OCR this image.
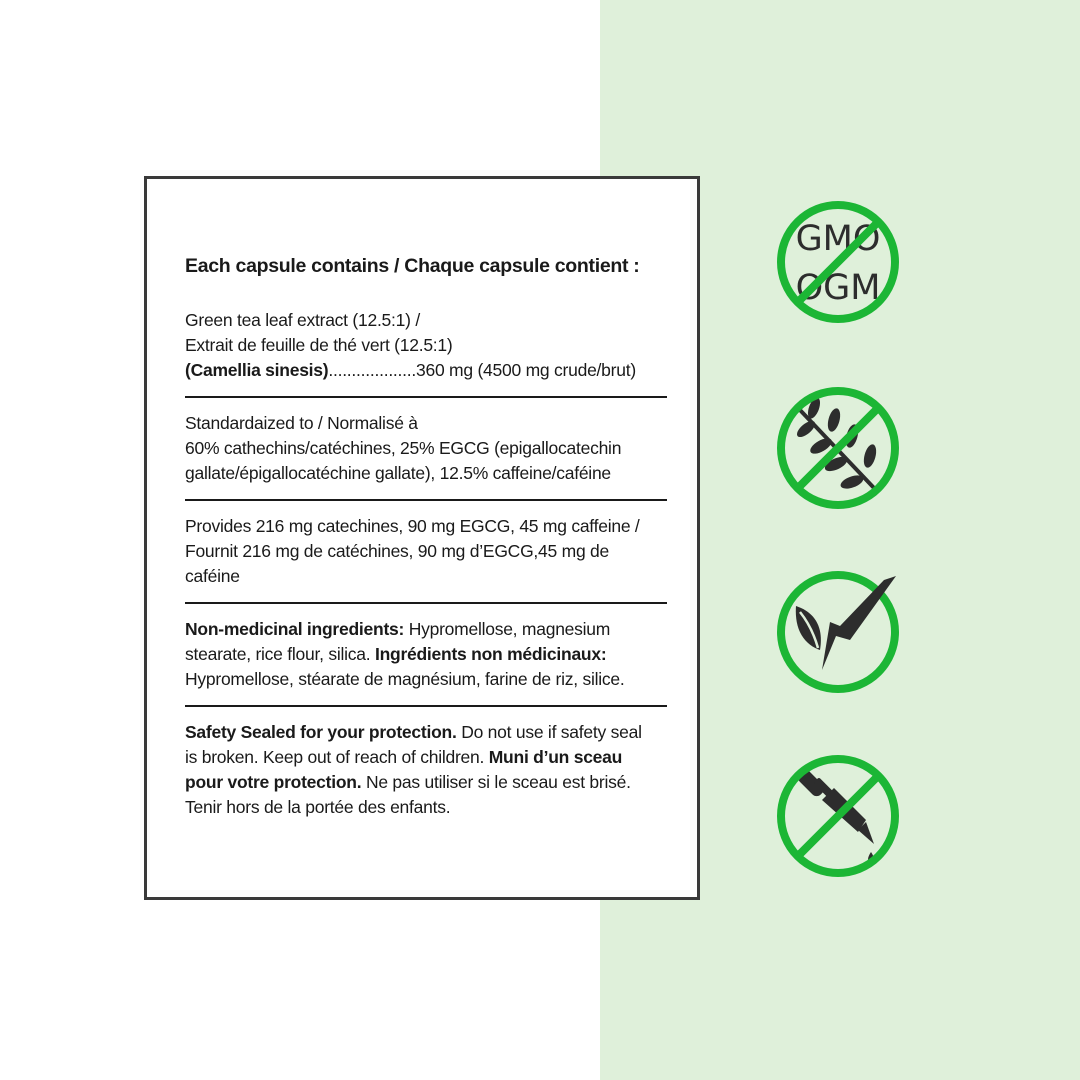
Each capsule contains / Chaque capsule contient :

Green tea leaf extract (12.5:1) /

Extrait de feuille de thé vert (12.5:1)

(Camellia sinesis)...................360 mg (4500 mg crude/brut)

Standardaized to / Normalisé à

60% cathechins/catéchines, 25% EGCG (epigallocatechin

gallate/épigallocatéchine gallate), 12.5% caffeine/caféine

Provides 216 mg catechines, 90 mg EGCG, 45 mg caffeine /

Fournit 216 mg de catéchines, 90 mg d’EGCG,45 mg de

caféine

Non-medicinal ingredients: Hypromellose, magnesium

stearate, rice flour, silica. Ingrédients non médicinaux:

Hypromellose, stéarate de magnésium, farine de riz, silice.

Safety Sealed for your protection. Do not use if safety seal

is broken. Keep out of reach of children. Muni d’un sceau

pour votre protection. Ne pas utiliser si le sceau est brisé.

Tenir hors de la portée des enfants.

GMO
OGM
